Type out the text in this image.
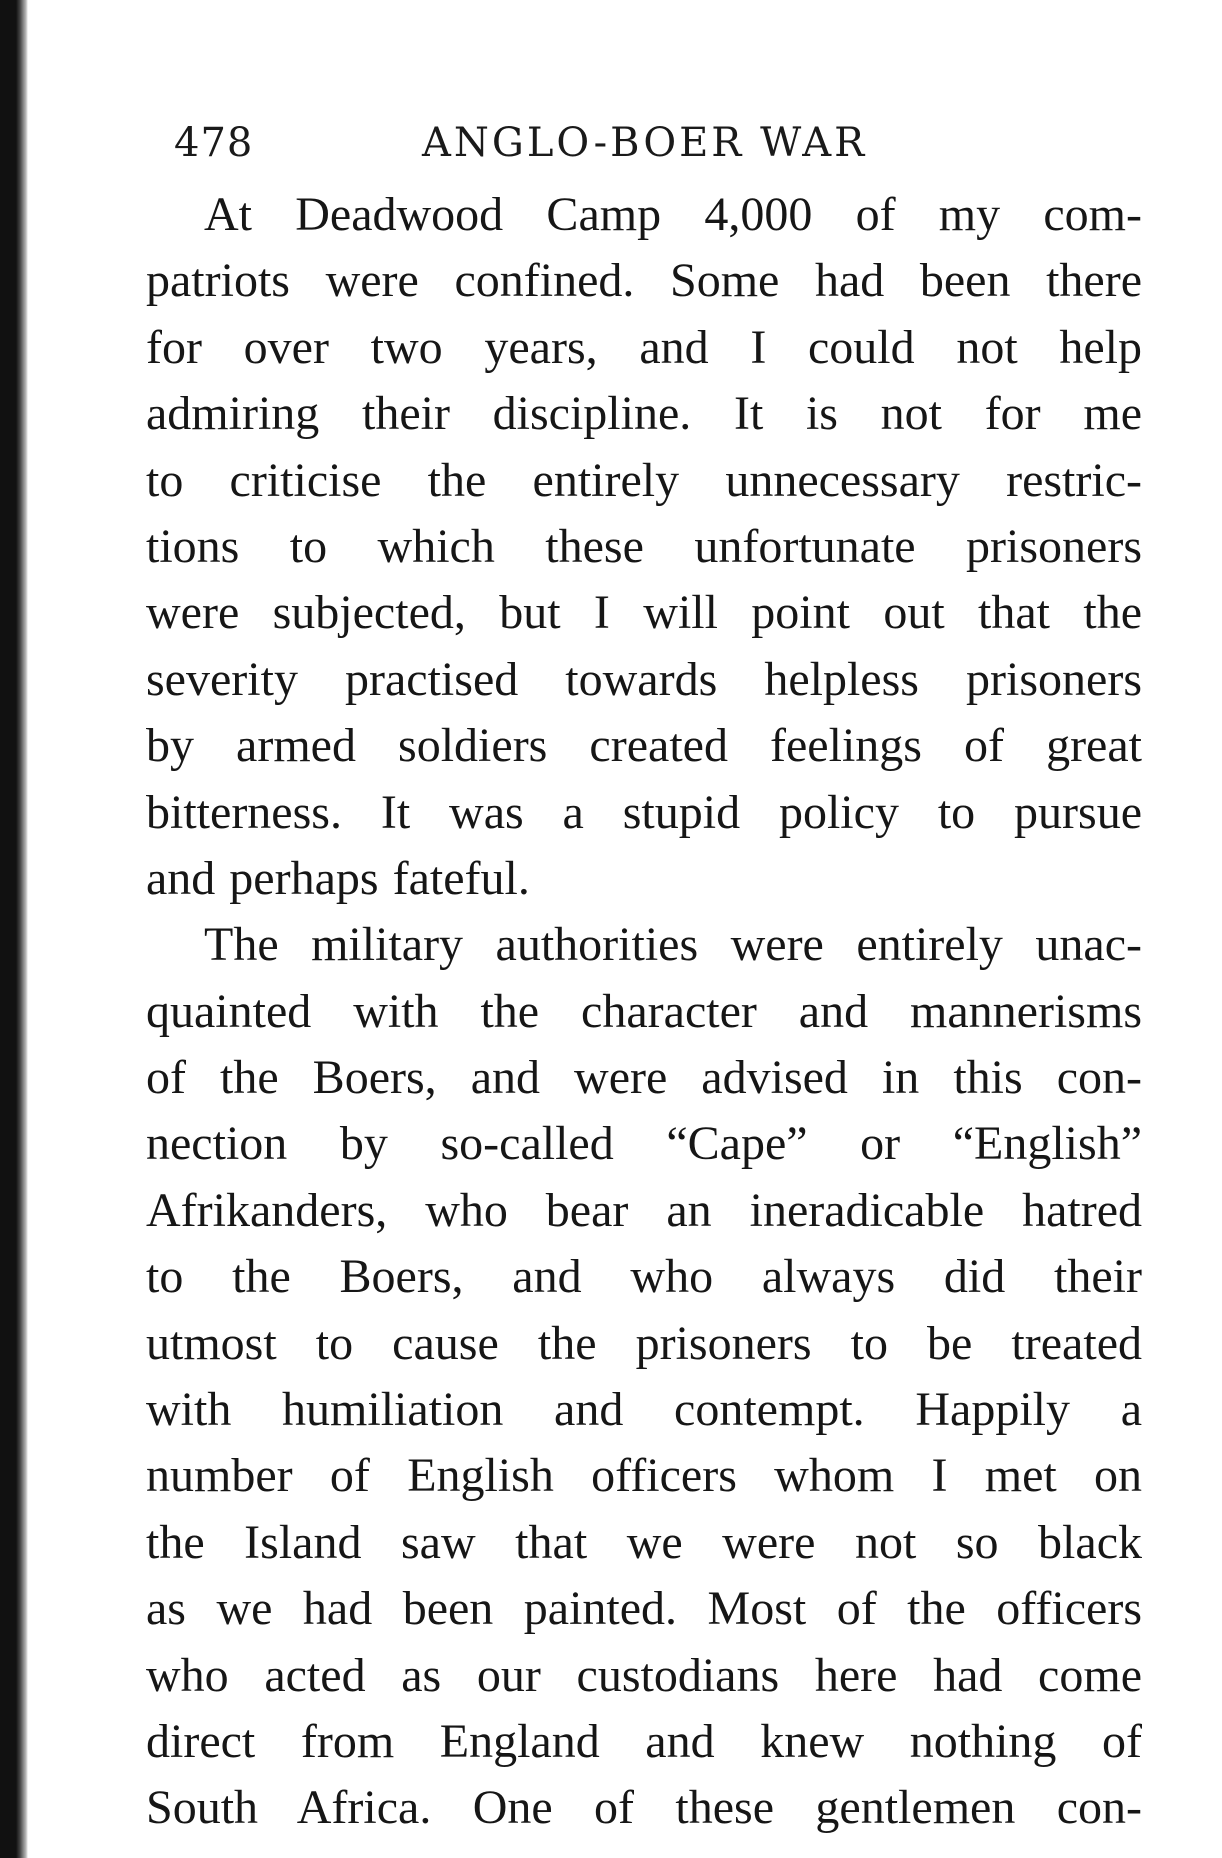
478	ANGLO-BOER WAR
At Deadwood Camp 4,000 of my com-
patriots were confined. Some had been there
for over two years, and I could not help
admiring their discipline. It is not for me
to criticise the entirely unnecessary restric-
tions to which these unfortunate prisoners
were subjected, but I will point out that the
severity practised towards helpless prisoners
by armed soldiers created feelings of great
bitterness. It was a stupid policy to pursue
and perhaps fateful.
The military authorities were entirely unac-
quainted with the character and mannerisms
of the Boers, and were advised in this con-
nection by so-called “Cape” or “English”
Afrikanders, who bear an ineradicable hatred
to the Boers, and who always did their
utmost to cause the prisoners to be treated
with humiliation and contempt. Happily a
number of English officers whom I met on
the Island saw that we were not so black
as we had been painted. Most of the officers
who acted as our custodians here had come
direct from England and knew nothing of
South Africa. One of these gentlemen con-
